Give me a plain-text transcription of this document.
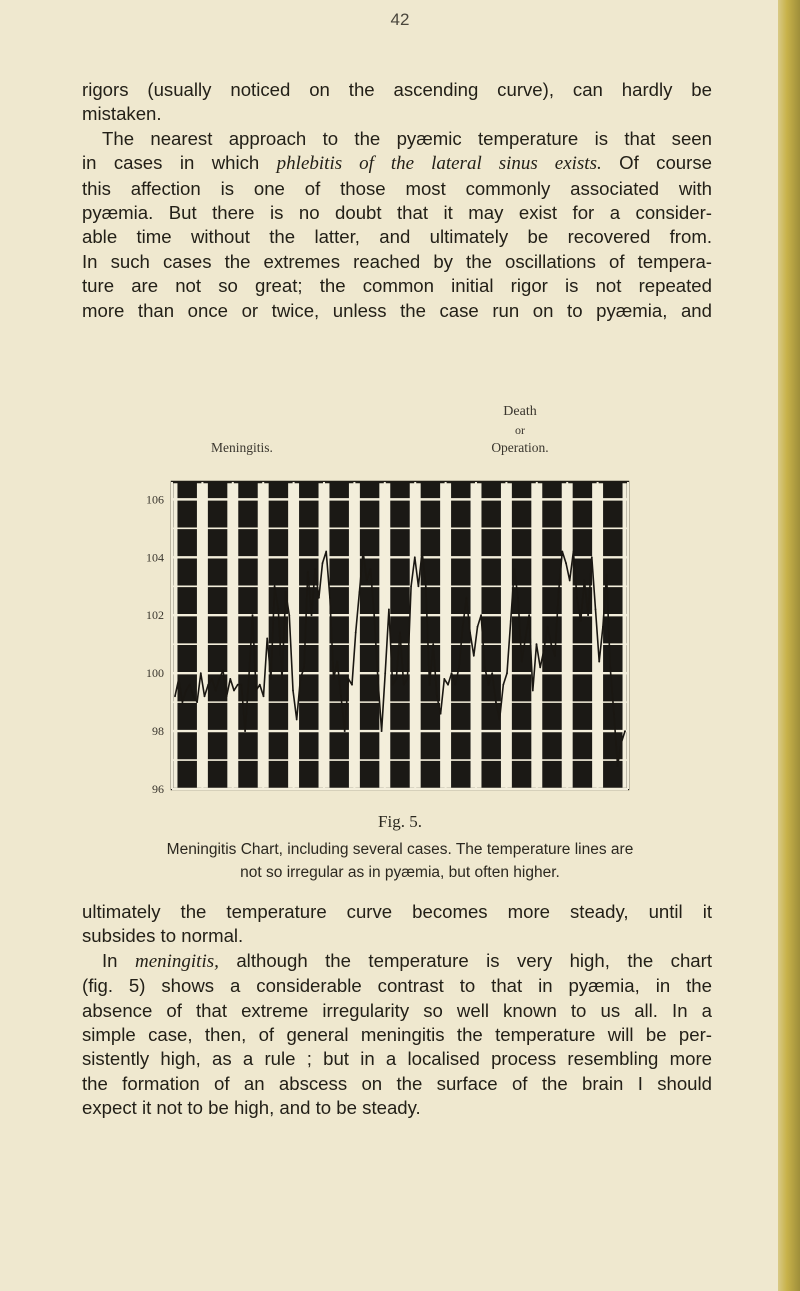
42
rigors (usually noticed on the ascending curve), can hardly be
mistaken.
The nearest approach to the pyæmic temperature is that seen
in cases in which phlebitis of the lateral sinus exists. Of course
this affection is one of those most commonly associated with
pyæmia. But there is no doubt that it may exist for a consider-
able time without the latter, and ultimately be recovered from.
In such cases the extremes reached by the oscillations of tempera-
ture are not so great; the common initial rigor is not repeated
more than once or twice, unless the case run on to pyæmia, and
Meningitis.
Death
or
Operation.
106
104
102
100
98
96
Fig. 5.
Meningitis Chart, including several cases. The temperature lines are
not so irregular as in pyæmia, but often higher.
ultimately the temperature curve becomes more steady, until it
subsides to normal.
In meningitis, although the temperature is very high, the chart
(fig. 5) shows a considerable contrast to that in pyæmia, in the
absence of that extreme irregularity so well known to us all. In a
simple case, then, of general meningitis the temperature will be per-
sistently high, as a rule ; but in a localised process resembling more
the formation of an abscess on the surface of the brain I should
expect it not to be high, and to be steady.
